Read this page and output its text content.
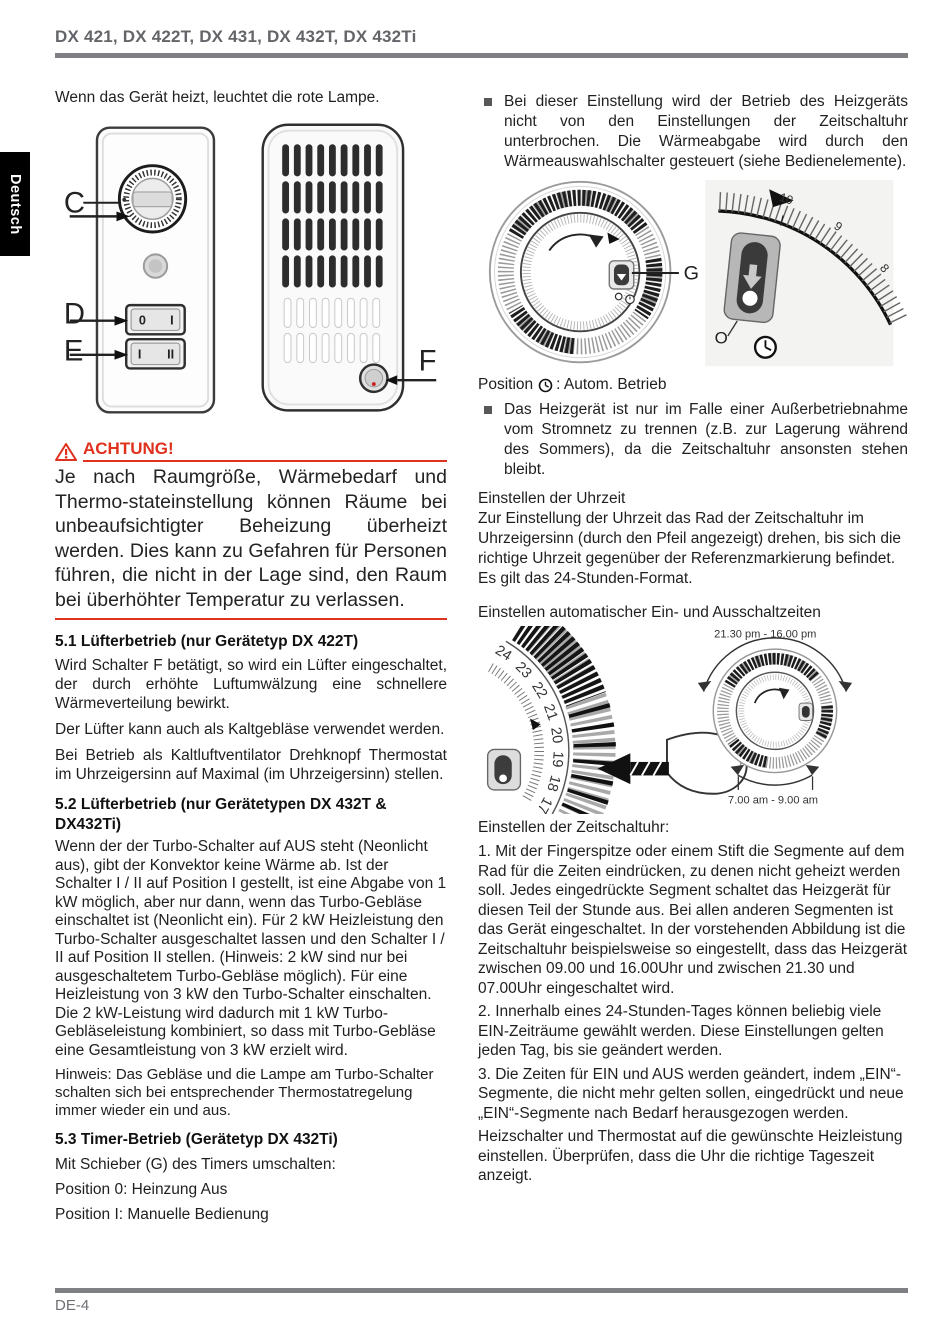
DX 421, DX 422T, DX 431, DX 432T, DX 432Ti
Deutsch

Wenn das Gerät heizt, leuchtet die rote Lampe.

0 I
I II
C
D
E	F
ACHTUNG!

Je nach Raumgröße, Wärmebedarf und Thermo-stateinstellung können Räume bei unbeaufsichtigter Beheizung überheizt werden. Dies kann zu Gefahren für Personen führen, die nicht in der Lage sind, den Raum bei überhöhter Temperatur zu verlassen.

5.1 Lüfterbetrieb (nur Gerätetyp DX 422T)

Wird Schalter F betätigt, so wird ein Lüfter eingeschaltet, der durch erhöhte Luftumwälzung eine schnellere Wärmeverteilung bewirkt.

Der Lüfter kann auch als Kaltgebläse verwendet werden.

Bei Betrieb als Kaltluftventilator Drehknopf Thermostat im Uhrzeigersinn auf Maximal (im Uhrzeigersinn) stellen.

5.2 Lüfterbetrieb (nur Gerätetypen DX 432T & DX432Ti)

Wenn der der Turbo-Schalter auf AUS steht (Neonlicht aus), gibt der Konvektor keine Wärme ab. Ist der Schalter I / II auf Position I gestellt, ist eine Abgabe von 1 kW möglich, aber nur dann, wenn das Turbo-Gebläse einschaltet ist (Neonlicht ein). Für 2 kW Heizleistung den Turbo-Schalter ausgeschaltet lassen und den Schalter I / II auf Position II stellen. (Hinweis: 2 kW sind nur bei ausgeschaltetem Turbo-Gebläse möglich). Für eine Heizleistung von 3 kW den Turbo-Schalter einschalten. Die 2 kW-Leistung wird dadurch mit 1 kW Turbo-Gebläseleistung kombiniert, so dass mit Turbo-Gebläse eine Gesamtleistung von 3 kW erzielt wird.

Hinweis: Das Gebläse und die Lampe am Turbo-Schalter schalten sich bei entsprechender Thermostatregelung immer wieder ein und aus.

5.3 Timer-Betrieb (Gerätetyp DX 432Ti)

Mit Schieber (G) des Timers umschalten:

Position 0: Heinzung Aus

Position I: Manuelle Bedienung

Bei dieser Einstellung wird der Betrieb des Heizgeräts nicht von den Einstellungen der Zeitschaltuhr unterbrochen. Die Wärmeabgabe wird durch den Wärmeauswahlschalter gesteuert (siehe Bedienelemente).

G
I
10
9
8
O
Position : Autom. Betrieb

Das Heizgerät ist nur im Falle einer Außerbetriebnahme vom Stromnetz zu trennen (z.B. zur Lagerung während des Sommers), da die Zeitschaltuhr ansonsten stehen bleibt.

Einstellen der Uhrzeit

Zur Einstellung der Uhrzeit das Rad der Zeitschaltuhr im Uhrzeigersinn (durch den Pfeil angezeigt) drehen, bis sich die richtige Uhrzeit gegenüber der Referenzmarkierung befindet. Es gilt das 24-Stunden-Format.

Einstellen automatischer Ein- und Ausschaltzeiten

24
23
22
21
20
19
18
17
21.30 pm - 16.00 pm
7.00 am - 9.00 am

Einstellen der Zeitschaltuhr:

1. Mit der Fingerspitze oder einem Stift die Segmente auf dem Rad für die Zeiten eindrücken, zu denen nicht geheizt werden soll. Jedes eingedrückte Segment schaltet das Heizgerät für diesen Teil der Stunde aus. Bei allen anderen Segmenten ist das Gerät eingeschaltet. In der vorstehenden Abbildung ist die Zeitschaltuhr beispielsweise so eingestellt, dass das Heizgerät zwischen 09.00 und 16.00Uhr und zwischen 21.30 und 07.00Uhr eingeschaltet wird.

2. Innerhalb eines 24-Stunden-Tages können beliebig viele EIN-Zeiträume gewählt werden. Diese Einstellungen gelten jeden Tag, bis sie geändert werden.

3. Die Zeiten für EIN und AUS werden geändert, indem „EIN“-Segmente, die nicht mehr gelten sollen, eingedrückt und neue „EIN“-Segmente nach Bedarf herausgezogen werden.

Heizschalter und Thermostat auf die gewünschte Heizleistung einstellen. Überprüfen, dass die Uhr die richtige Tageszeit anzeigt.

DE-4
